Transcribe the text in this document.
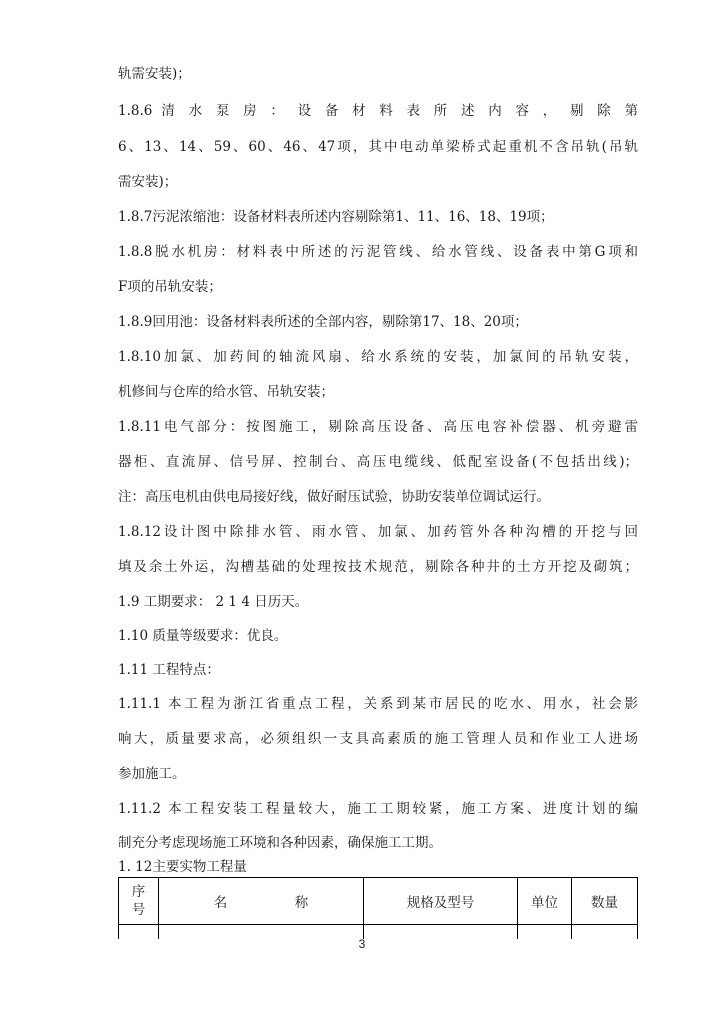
轨需安装)；
1.8.6 清 水 泵 房 ： 设 备 材 料 表 所 述 内 容 ， 剔 除 第
6、13、14、59、60、46、47项，其中电动单梁桥式起重机不含吊轨(吊轨
需安装)；
1.8.7污泥浓缩池：设备材料表所述内容剔除第1、11、16、18、19项；
1.8.8脱水机房：材料表中所述的污泥管线、给水管线、设备表中第G项和
F项的吊轨安装；
1.8.9回用池：设备材料表所述的全部内容，剔除第17、18、20项；
1.8.10加氯、加药间的轴流风扇、给水系统的安装，加氯间的吊轨安装，
机修间与仓库的给水管、吊轨安装；
1.8.11电气部分：按图施工，剔除高压设备、高压电容补偿器、机旁避雷
器柜、直流屏、信号屏、控制台、高压电缆线、低配室设备(不包括出线)；
注：高压电机由供电局接好线，做好耐压试验，协助安装单位调试运行。
1.8.12设计图中除排水管、雨水管、加氯、加药管外各种沟槽的开挖与回
填及余土外运，沟槽基础的处理按技术规范，剔除各种井的土方开挖及砌筑；
1.9 工期要求： 2 1 4 日历天。
1.10 质量等级要求：优良。
1.11 工程特点：
1.11.1 本工程为浙江省重点工程，关系到某市居民的吃水、用水，社会影
响大，质量要求高，必须组织一支具高素质的施工管理人员和作业工人进场
参加施工。
1.11.2 本工程安装工程量较大，施工工期较紧，施工方案、进度计划的编
制充分考虑现场施工环境和各种因素，确保施工工期。
1. 12主要实物工程量
序号	名　　　　　称	规格及型号	单位	数量

3
